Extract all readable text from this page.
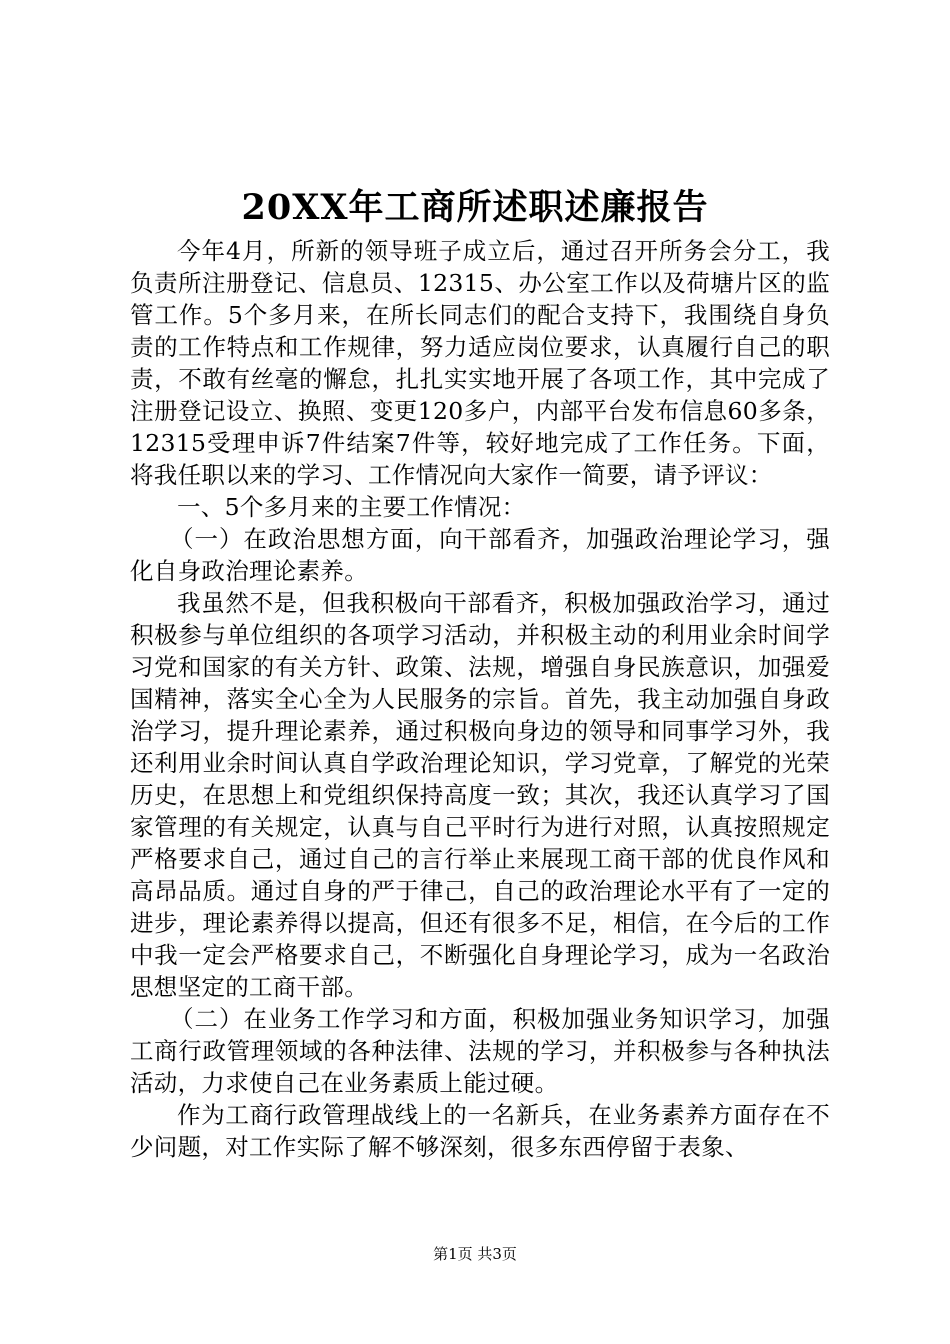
20XX年工商所述职述廉报告

今年4月，所新的领导班子成立后，通过召开所务会分工，我负责所注册登记、信息员、12315、办公室工作以及荷塘片区的监管工作。5个多月来，在所长同志们的配合支持下，我围绕自身负责的工作特点和工作规律，努力适应岗位要求，认真履行自己的职责，不敢有丝毫的懈怠，扎扎实实地开展了各项工作，其中完成了注册登记设立、换照、变更120多户，内部平台发布信息60多条，12315受理申诉7件结案7件等，较好地完成了工作任务。下面，将我任职以来的学习、工作情况向大家作一简要，请予评议：

一、5个多月来的主要工作情况：

（一）在政治思想方面，向干部看齐，加强政治理论学习，强化自身政治理论素养。

我虽然不是，但我积极向干部看齐，积极加强政治学习，通过积极参与单位组织的各项学习活动，并积极主动的利用业余时间学习党和国家的有关方针、政策、法规，增强自身民族意识，加强爱国精神，落实全心全为人民服务的宗旨。首先，我主动加强自身政治学习，提升理论素养，通过积极向身边的领导和同事学习外，我还利用业余时间认真自学政治理论知识，学习党章，了解党的光荣历史，在思想上和党组织保持高度一致；其次，我还认真学习了国家管理的有关规定，认真与自己平时行为进行对照，认真按照规定严格要求自己，通过自己的言行举止来展现工商干部的优良作风和高昂品质。通过自身的严于律己，自己的政治理论水平有了一定的进步，理论素养得以提高，但还有很多不足，相信，在今后的工作中我一定会严格要求自己，不断强化自身理论学习，成为一名政治思想坚定的工商干部。

（二）在业务工作学习和方面，积极加强业务知识学习，加强工商行政管理领域的各种法律、法规的学习，并积极参与各种执法活动，力求使自己在业务素质上能过硬。

作为工商行政管理战线上的一名新兵，在业务素养方面存在不少问题，对工作实际了解不够深刻，很多东西停留于表象、

第1页 共3页
